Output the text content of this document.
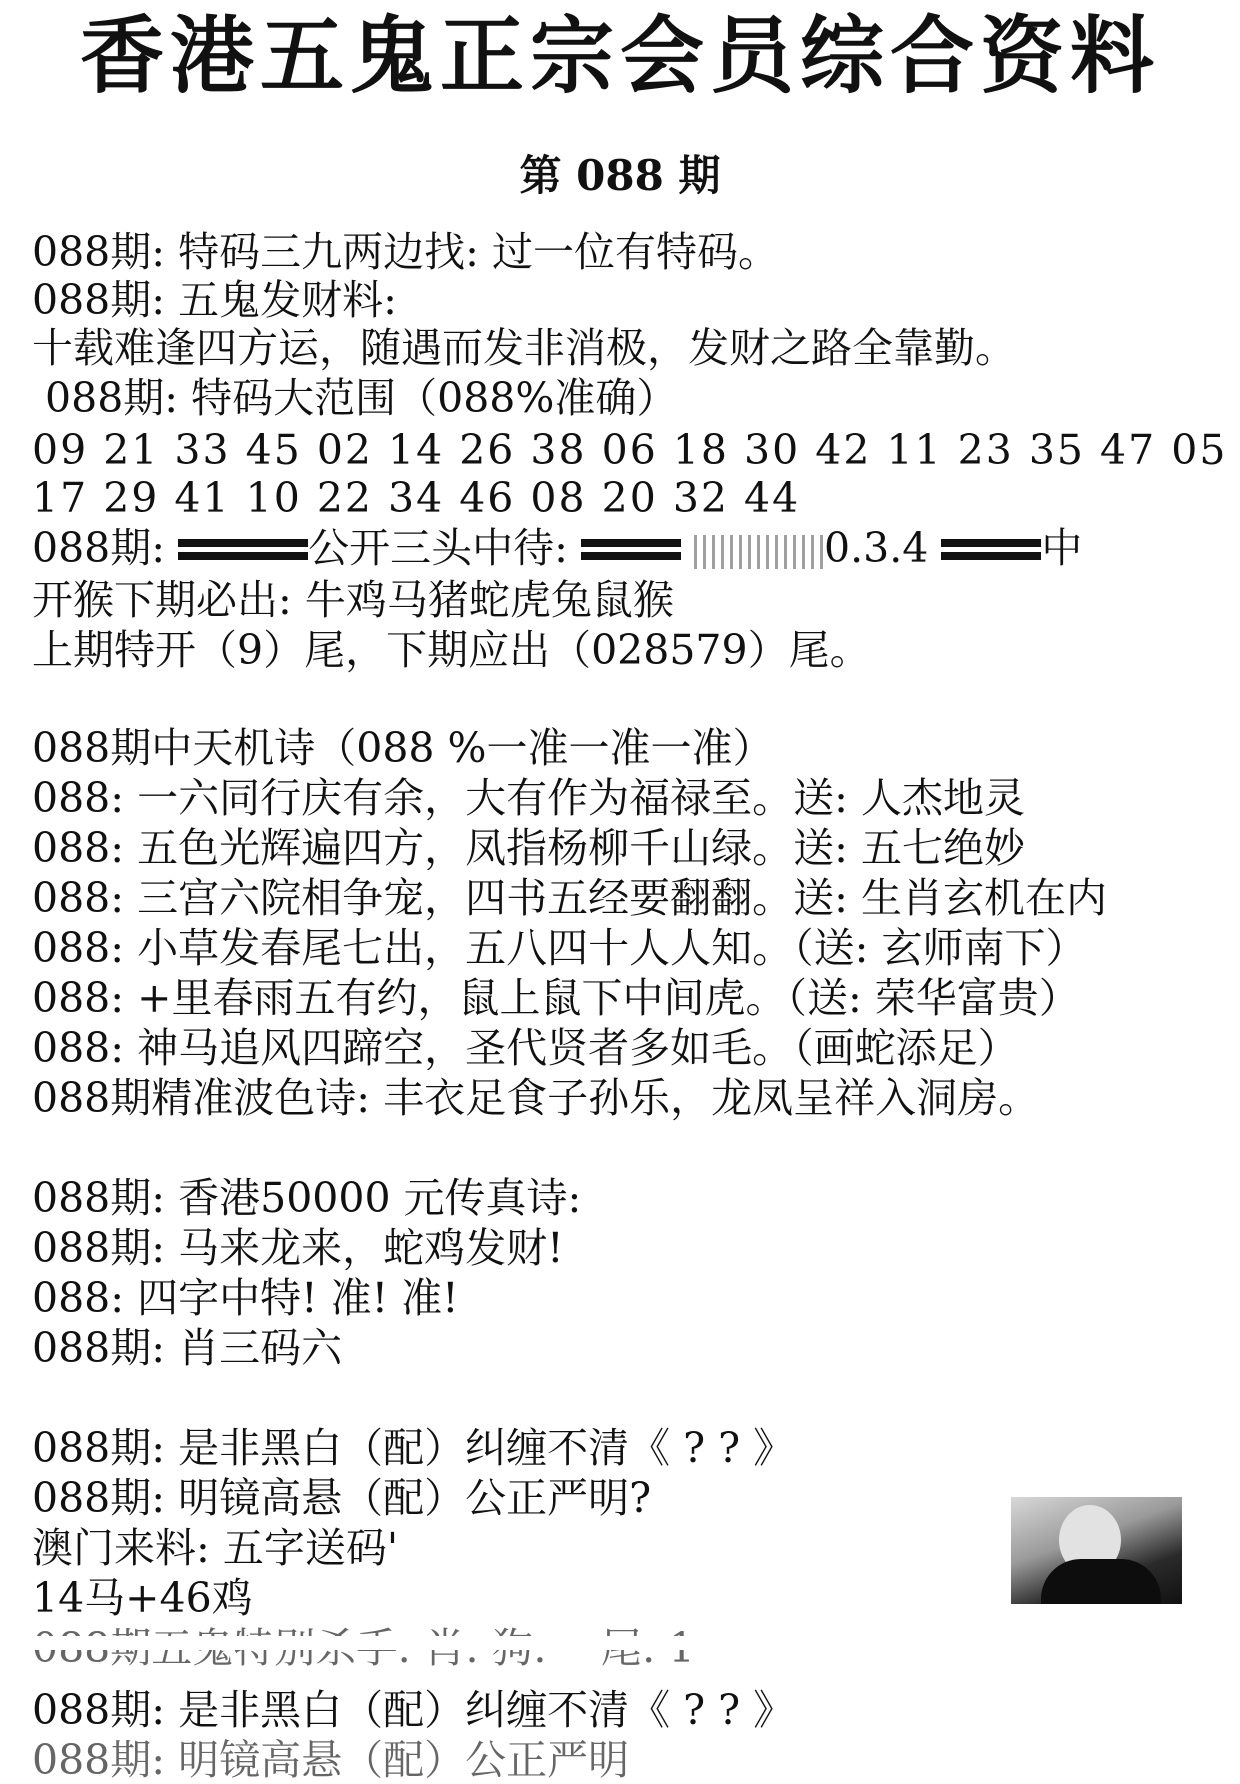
香港五鬼正宗会员综合资料
第 088 期
088期: 特码三九两边找: 过一位有特码。
088期: 五鬼发财料:
十载难逢四方运，随遇而发非消极，发财之路全靠勤。
088期: 特码大范围（088%准确）
09 21 33 45 02 14 26 38 06 18 30 42 11 23 35 47 05
17 29 41 10 22 34 46 08 20 32 44
088期:	公开三头中待:	0.3.4	中
开猴下期必出: 牛鸡马猪蛇虎兔鼠猴
上期特开（9）尾，下期应出（028579）尾。
088期中天机诗（088 %一准一准一准）
088: 一六同行庆有余，大有作为福禄至。送: 人杰地灵
088: 五色光辉遍四方，凤指杨柳千山绿。送: 五七绝妙
088: 三宫六院相争宠，四书五经要翻翻。送: 生肖玄机在内
088: 小草发春尾七出，五八四十人人知。（送: 玄师南下）
088: +里春雨五有约，鼠上鼠下中间虎。（送: 荣华富贵）
088: 神马追风四蹄空，圣代贤者多如毛。（画蛇添足）
088期精准波色诗: 丰衣足食子孙乐，龙凤呈祥入洞房。
088期: 香港50000 元传真诗:
088期: 马来龙来，蛇鸡发财!
088: 四字中特! 准! 准!
088期: 肖三码六
088期: 是非黑白（配）纠缠不清《 ? ? 》
088期: 明镜高悬（配）公正严明?
澳门来料: 五字送码'
14马+46鸡
088期: 是非黑白（配）纠缠不清《 ? ? 》
088期: 明镜高悬（配）公正严明
